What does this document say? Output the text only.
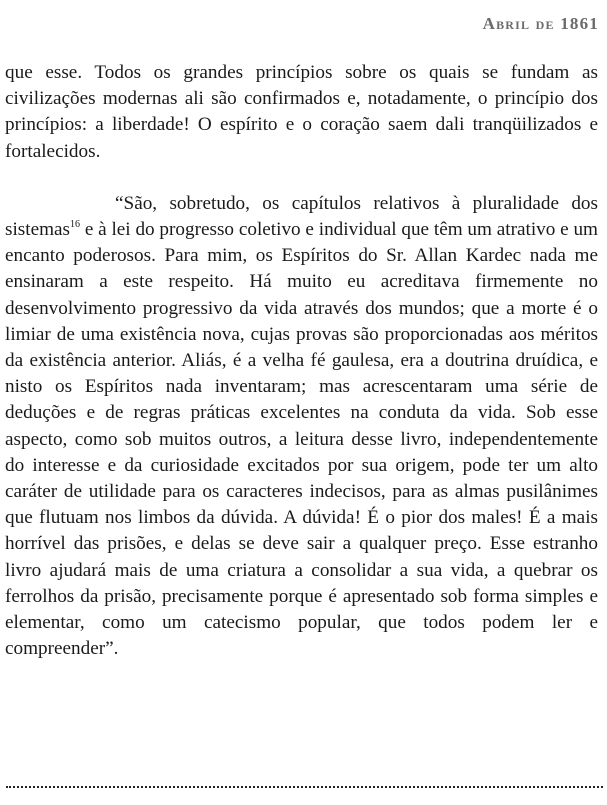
Abril de 1861

que esse. Todos os grandes princípios sobre os quais se fundam as civilizações modernas ali são confirmados e, notadamente, o princípio dos princípios: a liberdade! O espírito e o coração saem dali tranqüilizados e fortalecidos.

“São, sobretudo, os capítulos relativos à pluralidade dos sistemas$^{16}$ e à lei do progresso coletivo e individual que têm um atrativo e um encanto poderosos. Para mim, os Espíritos do Sr. Allan Kardec nada me ensinaram a este respeito. Há muito eu acreditava firmemente no desenvolvimento progressivo da vida através dos mundos; que a morte é o limiar de uma existência nova, cujas provas são proporcionadas aos méritos da existência anterior. Aliás, é a velha fé gaulesa, era a doutrina druídica, e nisto os Espíritos nada inventaram; mas acrescentaram uma série de deduções e de regras práticas excelentes na conduta da vida. Sob esse aspecto, como sob muitos outros, a leitura desse livro, independentemente do interesse e da curiosidade excitados por sua origem, pode ter um alto caráter de utilidade para os caracteres indecisos, para as almas pusilânimes que flutuam nos limbos da dúvida. A dúvida! É o pior dos males! É a mais horrível das prisões, e delas se deve sair a qualquer preço. Esse estranho livro ajudará mais de uma criatura a consolidar a sua vida, a quebrar os ferrolhos da prisão, precisamente porque é apresentado sob forma simples e elementar, como um catecismo popular, que todos podem ler e compreender”.
